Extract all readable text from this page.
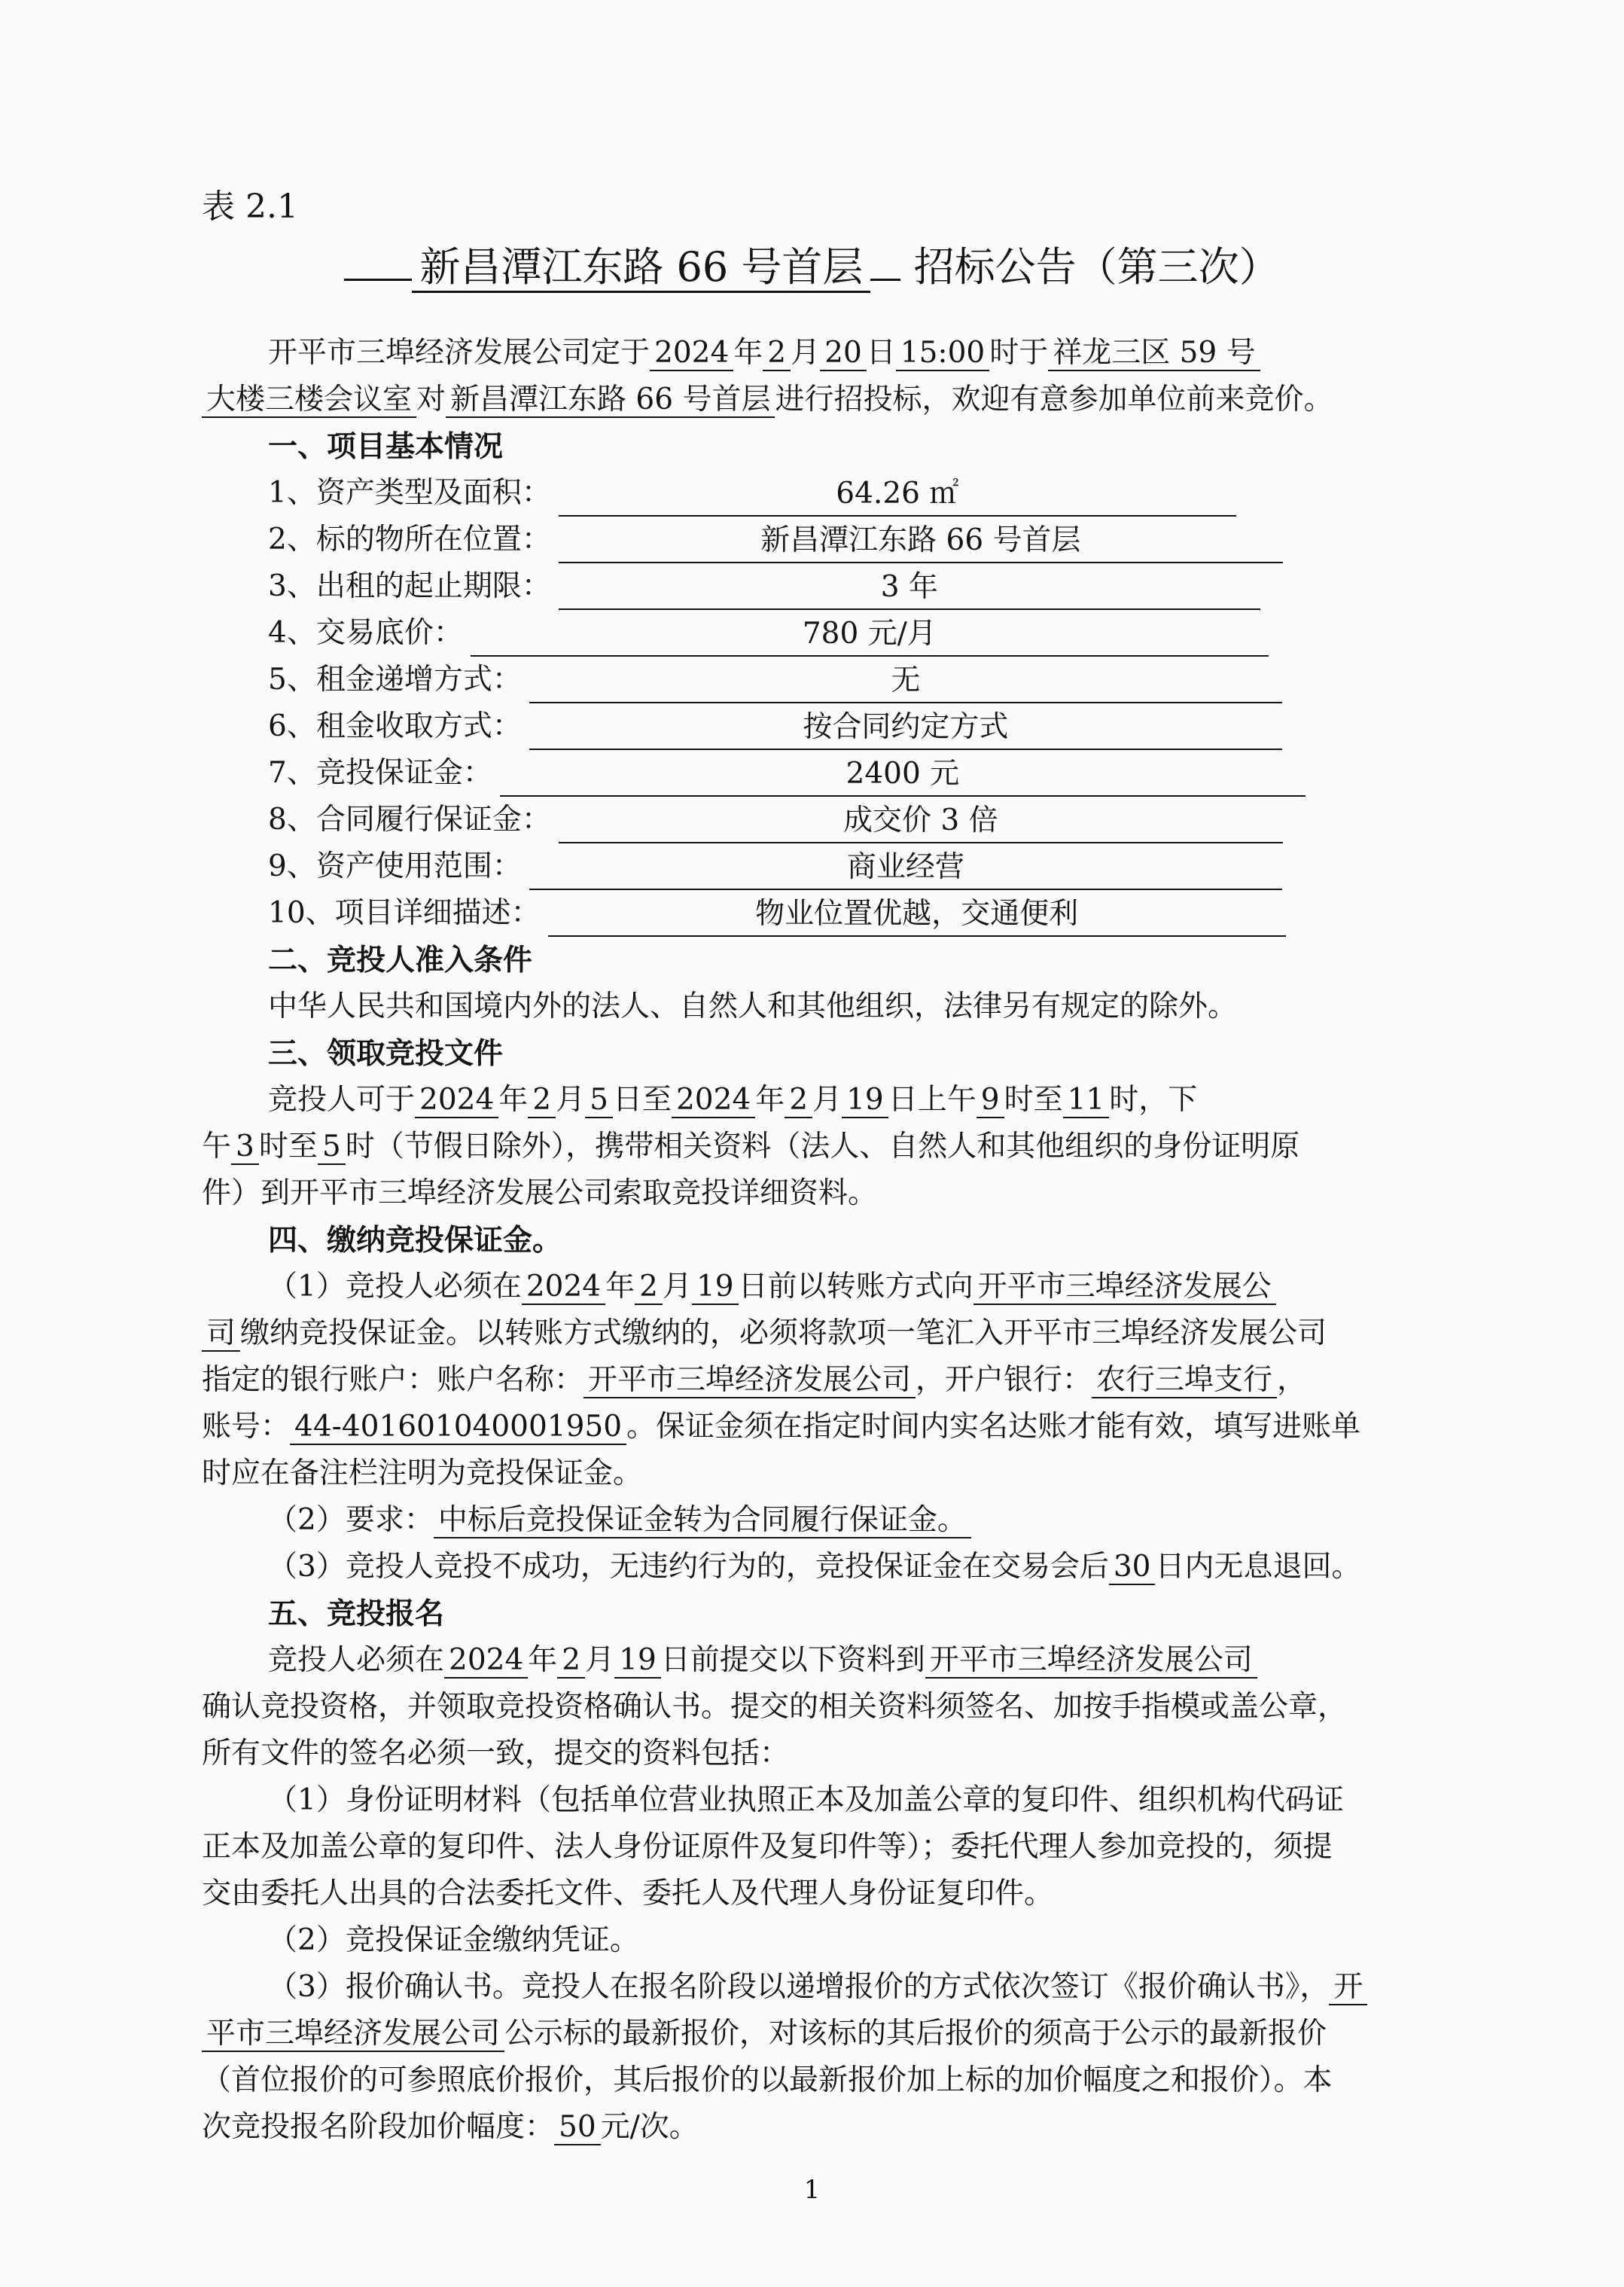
表 2.1
新昌潭江东路 66 号首层 招标公告（第三次）
开平市三埠经济发展公司定于 2024 年 2 月 20 日 15:00 时于 祥龙三区 59 号
大楼三楼会议室 对 新昌潭江东路 66 号首层 进行招投标，欢迎有意参加单位前来竞价。
一、项目基本情况
1、资产类型及面积：	64.26 ㎡
2、标的物所在位置：	新昌潭江东路 66 号首层
3、出租的起止期限：	3 年
4、交易底价：	780 元/月
5、租金递增方式：	无
6、租金收取方式：	按合同约定方式
7、竞投保证金：	2400 元
8、合同履行保证金：	成交价 3 倍
9、资产使用范围：	商业经营
10、项目详细描述：	物业位置优越，交通便利
二、竞投人准入条件
中华人民共和国境内外的法人、自然人和其他组织，法律另有规定的除外。
三、领取竞投文件
竞投人可于 2024 年 2 月 5 日至 2024 年 2 月 19 日上午 9 时至 11 时，下
午 3 时至 5 时（节假日除外），携带相关资料（法人、自然人和其他组织的身份证明原
件）到开平市三埠经济发展公司索取竞投详细资料。
四、缴纳竞投保证金。
（1）竞投人必须在 2024 年 2 月 19 日前以转账方式向 开平市三埠经济发展公
司 缴纳竞投保证金。以转账方式缴纳的，必须将款项一笔汇入开平市三埠经济发展公司
指定的银行账户：账户名称： 开平市三埠经济发展公司 ，开户银行： 农行三埠支行 ，
账号： 44-401601040001950 。保证金须在指定时间内实名达账才能有效，填写进账单
时应在备注栏注明为竞投保证金。
（2）要求： 中标后竞投保证金转为合同履行保证金。
（3）竞投人竞投不成功，无违约行为的，竞投保证金在交易会后 30 日内无息退回。
五、竞投报名
竞投人必须在 2024 年 2 月 19 日前提交以下资料到 开平市三埠经济发展公司
确认竞投资格，并领取竞投资格确认书。提交的相关资料须签名、加按手指模或盖公章，
所有文件的签名必须一致，提交的资料包括：
（1）身份证明材料（包括单位营业执照正本及加盖公章的复印件、组织机构代码证
正本及加盖公章的复印件、法人身份证原件及复印件等）；委托代理人参加竞投的，须提
交由委托人出具的合法委托文件、委托人及代理人身份证复印件。
（2）竞投保证金缴纳凭证。
（3）报价确认书。竞投人在报名阶段以递增报价的方式依次签订《报价确认书》， 开
平市三埠经济发展公司 公示标的最新报价，对该标的其后报价的须高于公示的最新报价
（首位报价的可参照底价报价，其后报价的以最新报价加上标的加价幅度之和报价）。本
次竞投报名阶段加价幅度： 50 元/次。
1
